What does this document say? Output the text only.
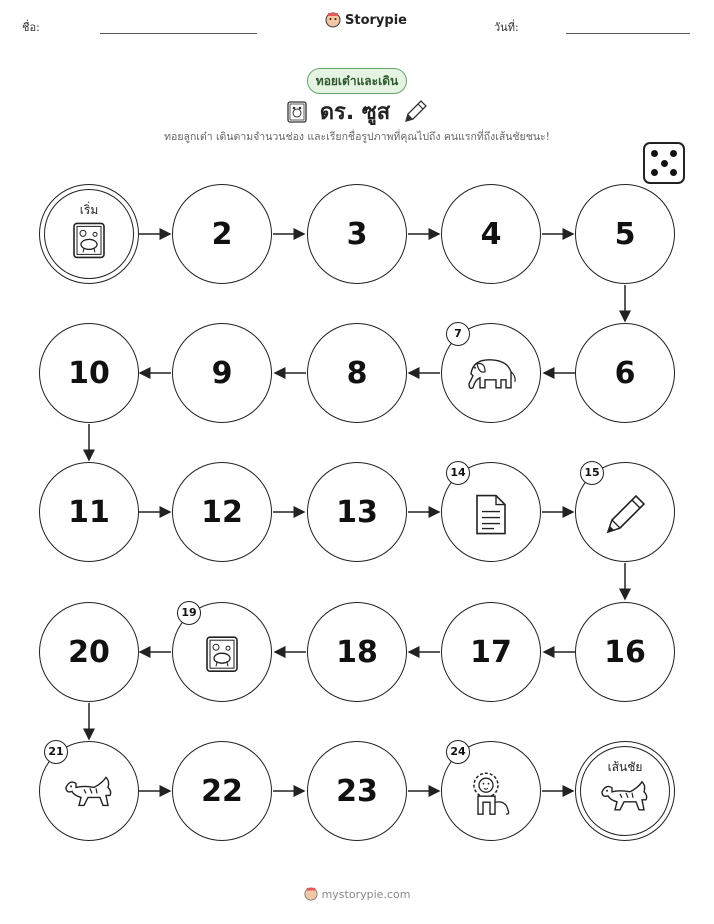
ชื่อ:	Storypie	วันที่:
ทอยเต๋าและเดิน
ดร. ซูส
ทอยลูกเต๋า เดินตามจำนวนช่อง และเรียกชื่อรูปภาพที่คุณไปถึง คนแรกที่ถึงเส้นชัยชนะ!
เริ่ม
2	3	4	5
6
7
8
9
10
11	12	13
14	15
16
17
18
19
20
21
22	23
24
เส้นชัย
mystorypie.com
